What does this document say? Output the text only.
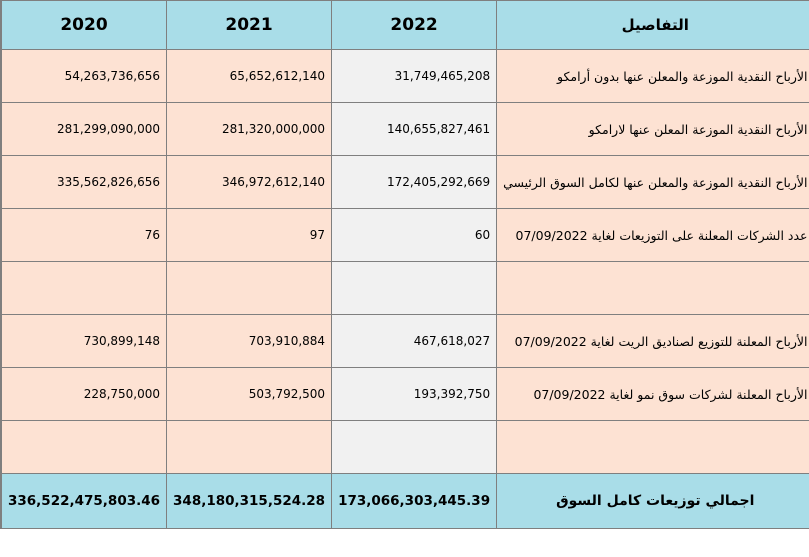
	2020	2021	2022	التفاصيل	
	54,263,736,656	65,652,612,140	31,749,465,208	الأرباح النقدية الموزعة والمعلن عنها بدون أرامكو	
	281,299,090,000	281,320,000,000	140,655,827,461	الأرباح النقدية الموزعة المعلن عنها لارامكو	
	335,562,826,656	346,972,612,140	172,405,292,669	الأرباح النقدية الموزعة والمعلن عنها لكامل السوق الرئيسي	
	76	97	60	عدد الشركات المعلنة على التوزيعات لغاية 07/09/2022	

	730,899,148	703,910,884	467,618,027	الأرباح المعلنة للتوزيع لصناديق الريت لغاية 07/09/2022	
	228,750,000	503,792,500	193,392,750	الأرباح المعلنة لشركات سوق نمو لغاية 07/09/2022	

	336,522,475,803.46	348,180,315,524.28	173,066,303,445.39	اجمالي توزيعات كامل السوق	
